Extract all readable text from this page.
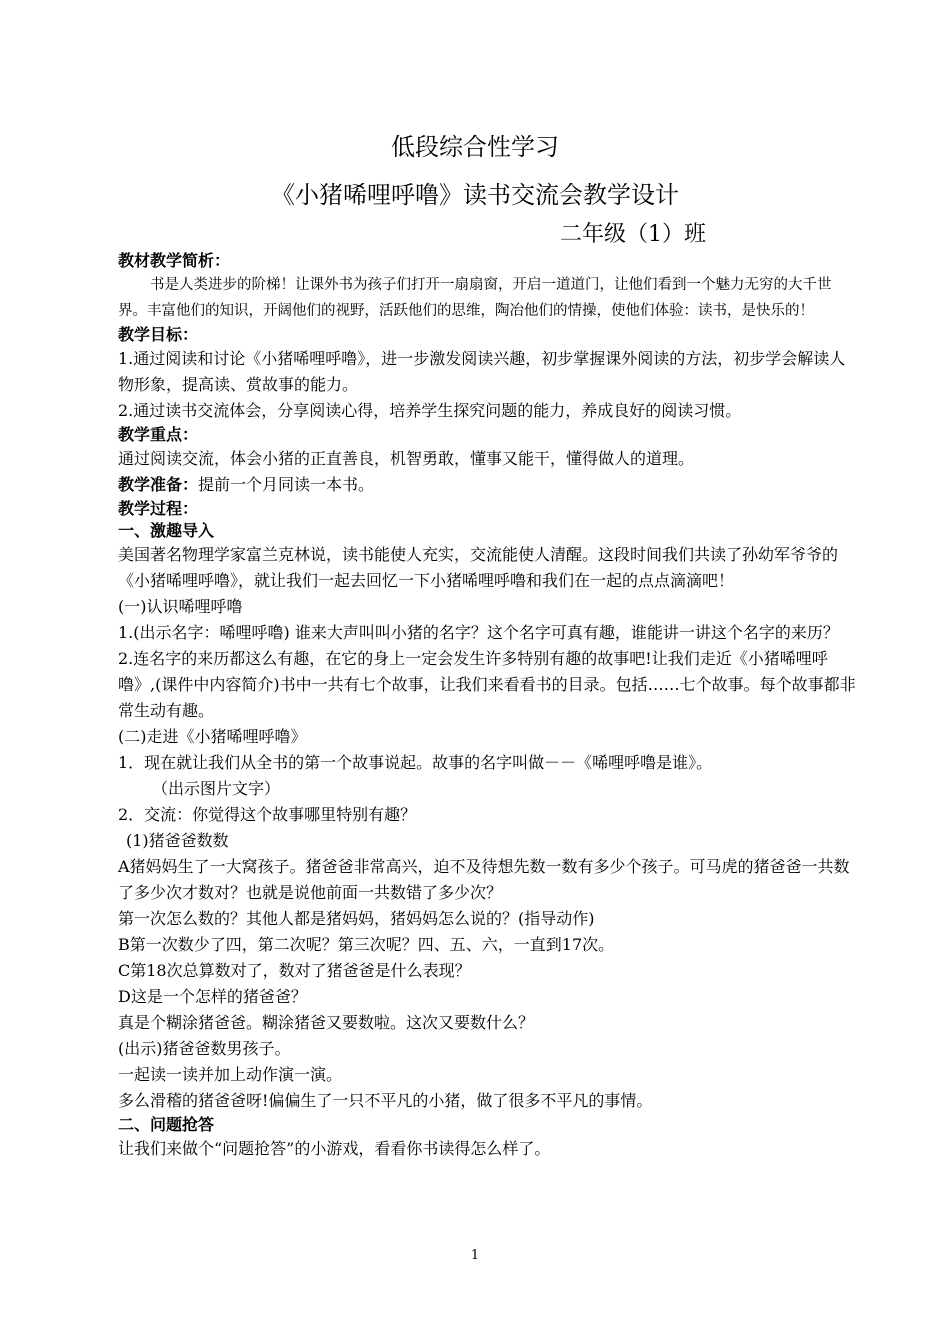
低段综合性学习
《小猪唏哩呼噜》读书交流会教学设计
二年级（1）班

教材教学简析：

书是人类进步的阶梯！让课外书为孩子们打开一扇扇窗，开启一道道门，让他们看到一个魅力无穷的大千世界。丰富他们的知识，开阔他们的视野，活跃他们的思维，陶冶他们的情操，使他们体验：读书，是快乐的！

教学目标：

1.通过阅读和讨论《小猪唏哩呼噜》，进一步激发阅读兴趣，初步掌握课外阅读的方法，初步学会解读人物形象，提高读、赏故事的能力。

2.通过读书交流体会，分享阅读心得，培养学生探究问题的能力，养成良好的阅读习惯。

教学重点：

通过阅读交流，体会小猪的正直善良，机智勇敢，懂事又能干，懂得做人的道理。

教学准备：提前一个月同读一本书。

教学过程：

一、激趣导入

美国著名物理学家富兰克林说，读书能使人充实，交流能使人清醒。这段时间我们共读了孙幼军爷爷的《小猪唏哩呼噜》，就让我们一起去回忆一下小猪唏哩呼噜和我们在一起的点点滴滴吧！

(一)认识唏哩呼噜

1.(出示名字：唏哩呼噜) 谁来大声叫叫小猪的名字？这个名字可真有趣，谁能讲一讲这个名字的来历？

2.连名字的来历都这么有趣，在它的身上一定会发生许多特别有趣的故事吧!让我们走近《小猪唏哩呼噜》,(课件中内容简介)书中一共有七个故事，让我们来看看书的目录。包括……七个故事。每个故事都非常生动有趣。

(二)走进《小猪唏哩呼噜》

1．现在就让我们从全书的第一个故事说起。故事的名字叫做－－《唏哩呼噜是谁》。

（出示图片文字）

2．交流：你觉得这个故事哪里特别有趣？

(1)猪爸爸数数

A猪妈妈生了一大窝孩子。猪爸爸非常高兴，迫不及待想先数一数有多少个孩子。可马虎的猪爸爸一共数了多少次才数对？也就是说他前面一共数错了多少次？

第一次怎么数的？其他人都是猪妈妈，猪妈妈怎么说的？(指导动作)

B第一次数少了四，第二次呢？第三次呢？四、五、六，一直到17次。

C第18次总算数对了，数对了猪爸爸是什么表现？

D这是一个怎样的猪爸爸？

真是个糊涂猪爸爸。糊涂猪爸又要数啦。这次又要数什么？

(出示)猪爸爸数男孩子。

一起读一读并加上动作演一演。

多么滑稽的猪爸爸呀!偏偏生了一只不平凡的小猪，做了很多不平凡的事情。

二、问题抢答

让我们来做个“问题抢答”的小游戏，看看你书读得怎么样了。

1
